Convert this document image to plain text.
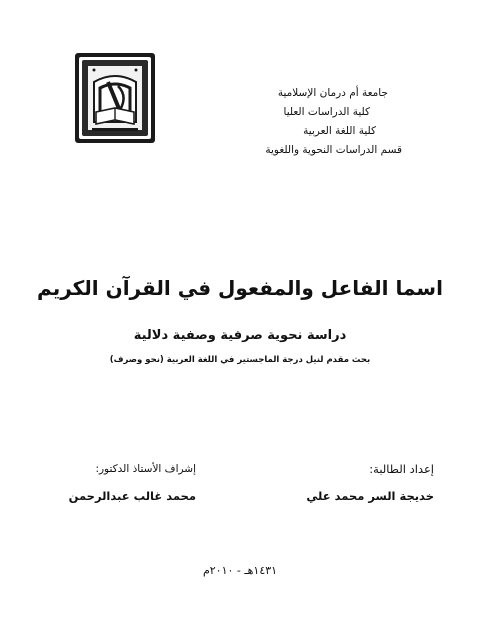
جامعة أم درمان الإسلامية
كلية الدراسات العليا
كلية اللغة العربية
قسم الدراسات النحوية واللغوية
اسما الفاعل والمفعول في القرآن الكريم
دراسة نحوية صرفية وصفية دلالية
بحث مقدم لنيل درجة الماجستير في اللغة العربية (نحو وصرف)
إعداد الطالبة:
خديجة السر محمد علي
إشراف الأستاذ الدكتور:
محمد غالب عبدالرحمن
١٤٣١هـ - ٢٠١٠م
